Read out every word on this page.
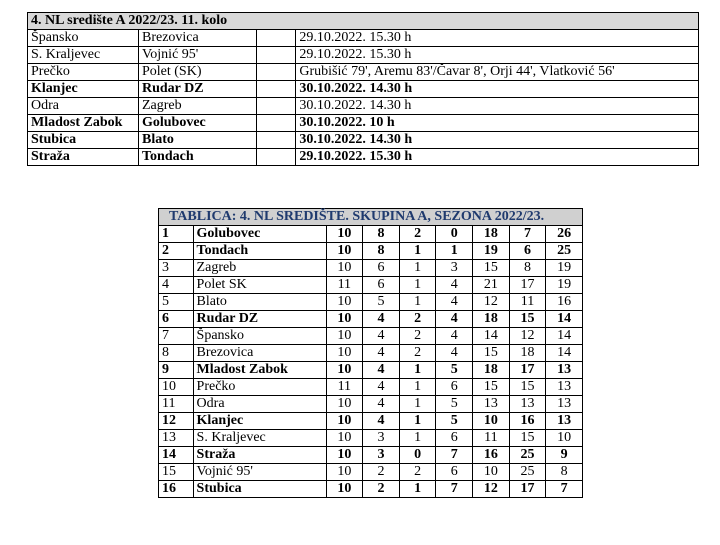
4. NL središte A 2022/23. 11. kolo			
Špansko	Brezovica		29.10.2022. 15.30 h
S. Kraljevec	Vojnić 95'		29.10.2022. 15.30 h
Prečko	Polet (SK)		Grubišić 79', Aremu 83'/Čavar 8', Orji 44', Vlatković 56'
Klanjec	Rudar DZ		30.10.2022. 14.30 h
Odra	Zagreb		30.10.2022. 14.30 h
Mladost Zabok	Golubovec		30.10.2022. 10 h
Stubica	Blato		30.10.2022. 14.30 h
Straža	Tondach		29.10.2022. 15.30 h
TABLICA: 4. NL SREDIŠTE. SKUPINA A, SEZONA 2022/23.								
1	Golubovec	10	8	2	0	18	7	26
2	Tondach	10	8	1	1	19	6	25
3	Zagreb	10	6	1	3	15	8	19
4	Polet SK	11	6	1	4	21	17	19
5	Blato	10	5	1	4	12	11	16
6	Rudar DZ	10	4	2	4	18	15	14
7	Špansko	10	4	2	4	14	12	14
8	Brezovica	10	4	2	4	15	18	14
9	Mladost Zabok	10	4	1	5	18	17	13
10	Prečko	11	4	1	6	15	15	13
11	Odra	10	4	1	5	13	13	13
12	Klanjec	10	4	1	5	10	16	13
13	S. Kraljevec	10	3	1	6	11	15	10
14	Straža	10	3	0	7	16	25	9
15	Vojnić 95'	10	2	2	6	10	25	8
16	Stubica	10	2	1	7	12	17	7
